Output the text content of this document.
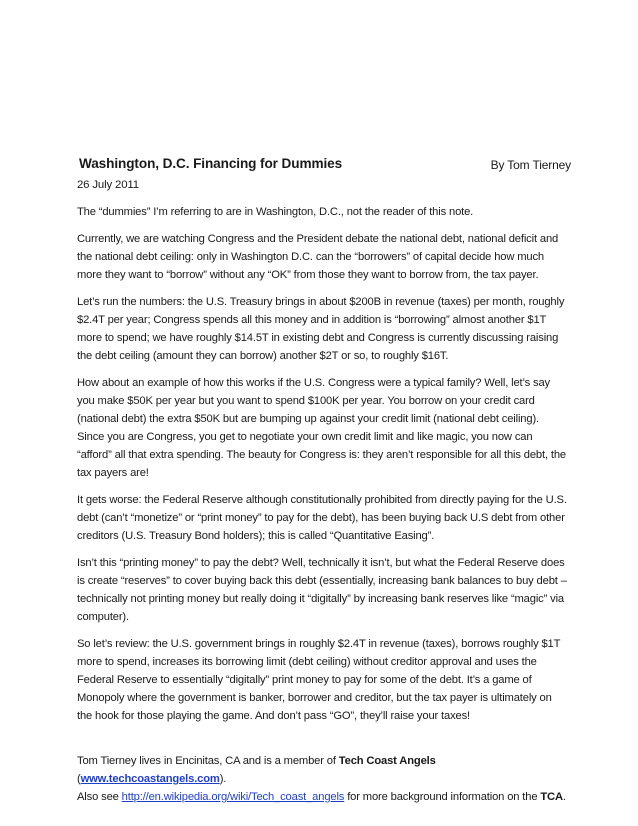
Washington, D.C. Financing for Dummies	By Tom Tierney
26 July 2011

The “dummies” I’m referring to are in Washington, D.C., not the reader of this note.

Currently, we are watching Congress and the President debate the national debt, national deficit and the national debt ceiling: only in Washington D.C. can the “borrowers” of capital decide how much more they want to “borrow” without any “OK” from those they want to borrow from, the tax payer.

Let’s run the numbers: the U.S. Treasury brings in about $200B in revenue (taxes) per month, roughly $2.4T per year; Congress spends all this money and in addition is “borrowing” almost another $1T more to spend; we have roughly $14.5T in existing debt and Congress is currently discussing raising the debt ceiling (amount they can borrow) another $2T or so, to roughly $16T.

How about an example of how this works if the U.S. Congress were a typical family? Well, let’s say you make $50K per year but you want to spend $100K per year. You borrow on your credit card (national debt) the extra $50K but are bumping up against your credit limit (national debt ceiling). Since you are Congress, you get to negotiate your own credit limit and like magic, you now can “afford” all that extra spending. The beauty for Congress is: they aren’t responsible for all this debt, the tax payers are!

It gets worse: the Federal Reserve although constitutionally prohibited from directly paying for the U.S. debt (can’t “monetize” or “print money” to pay for the debt), has been buying back U.S debt from other creditors (U.S. Treasury Bond holders); this is called “Quantitative Easing”.

Isn’t this “printing money” to pay the debt? Well, technically it isn’t, but what the Federal Reserve does is create “reserves” to cover buying back this debt (essentially, increasing bank balances to buy debt – technically not printing money but really doing it “digitally” by increasing bank reserves like “magic” via computer).

So let’s review: the U.S. government brings in roughly $2.4T in revenue (taxes), borrows roughly $1T more to spend, increases its borrowing limit (debt ceiling) without creditor approval and uses the Federal Reserve to essentially “digitally” print money to pay for some of the debt. It’s a game of Monopoly where the government is banker, borrower and creditor, but the tax payer is ultimately on the hook for those playing the game. And don’t pass “GO”, they’ll raise your taxes!

Tom Tierney lives in Encinitas, CA and is a member of Tech Coast Angels (www.techcoastangels.com).
Also see http://en.wikipedia.org/wiki/Tech_coast_angels for more background information on the TCA.
